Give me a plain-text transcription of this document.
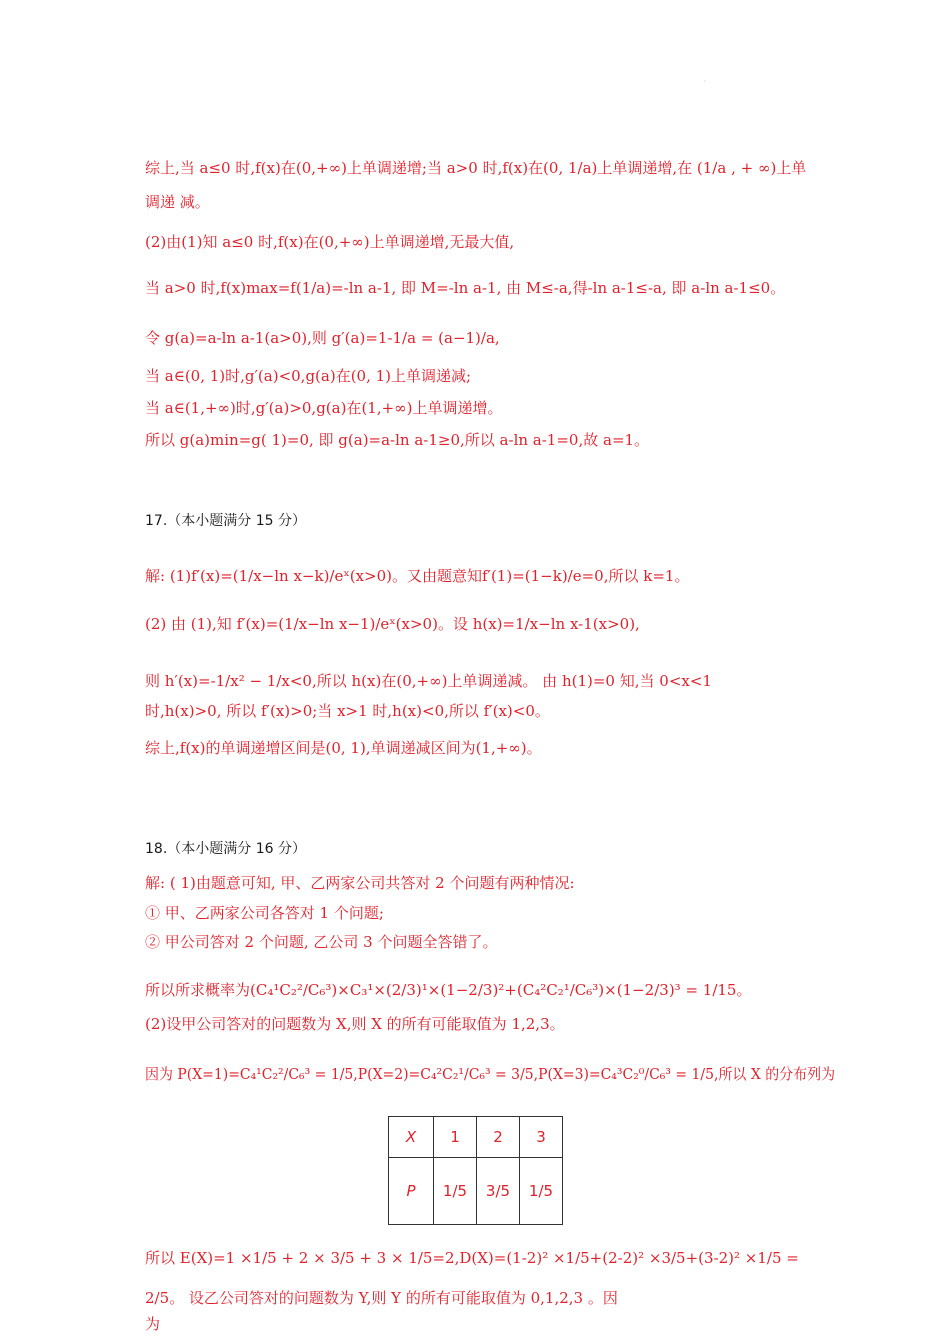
·
综上,当 a≤0 时,f(x)在(0,+∞)上单调递增;当 a>0 时,f(x)在(0, 1/a)上单调递增,在 (1/a , + ∞)上单
调递 减。
(2)由(1)知 a≤0 时,f(x)在(0,+∞)上单调递增,无最大值,
当 a>0 时,f(x)max=f(1/a)=-ln a-1, 即 M=-ln a-1, 由 M≤-a,得-ln a-1≤-a, 即 a-ln a-1≤0。
令 g(a)=a-ln a-1(a>0),则 g′(a)=1-1/a = (a−1)/a,
当 a∈(0, 1)时,g′(a)<0,g(a)在(0, 1)上单调递减;
当 a∈(1,+∞)时,g′(a)>0,g(a)在(1,+∞)上单调递增。
所以 g(a)min=g( 1)=0, 即 g(a)=a-ln a-1≥0,所以 a-ln a-1=0,故 a=1。
17.（本小题满分 15 分）
解: (1)f′(x)=(1/x−ln x−k)/eˣ(x>0)。又由题意知f′(1)=(1−k)/e=0,所以 k=1。
(2) 由 (1),知 f′(x)=(1/x−ln x−1)/eˣ(x>0)。设 h(x)=1/x−ln x-1(x>0),
则 h′(x)=-1/x² − 1/x<0,所以 h(x)在(0,+∞)上单调递减。 由 h(1)=0 知,当 0<x<1
时,h(x)>0, 所以 f′(x)>0;当 x>1 时,h(x)<0,所以 f′(x)<0。
综上,f(x)的单调递增区间是(0, 1),单调递减区间为(1,+∞)。
18.（本小题满分 16 分）
解: ( 1)由题意可知, 甲、乙两家公司共答对 2 个问题有两种情况:
① 甲、乙两家公司各答对 1 个问题;
② 甲公司答对 2 个问题, 乙公司 3 个问题全答错了。
所以所求概率为(C₄¹C₂²/C₆³)×C₃¹×(2/3)¹×(1−2/3)²+(C₄²C₂¹/C₆³)×(1−2/3)³ = 1/15。
(2)设甲公司答对的问题数为 X,则 X 的所有可能取值为 1,2,3。
因为 P(X=1)=C₄¹C₂²/C₆³ = 1/5,P(X=2)=C₄²C₂¹/C₆³ = 3/5,P(X=3)=C₄³C₂⁰/C₆³ = 1/5,所以 X 的分布列为
X	1	2	3
P	1/5	3/5	1/5
所以 E(X)=1 ×1/5 + 2 × 3/5 + 3 × 1/5=2,D(X)=(1-2)² ×1/5+(2-2)² ×3/5+(3-2)² ×1/5 =
2/5。 设乙公司答对的问题数为 Y,则 Y 的所有可能取值为 0,1,2,3 。因
为
